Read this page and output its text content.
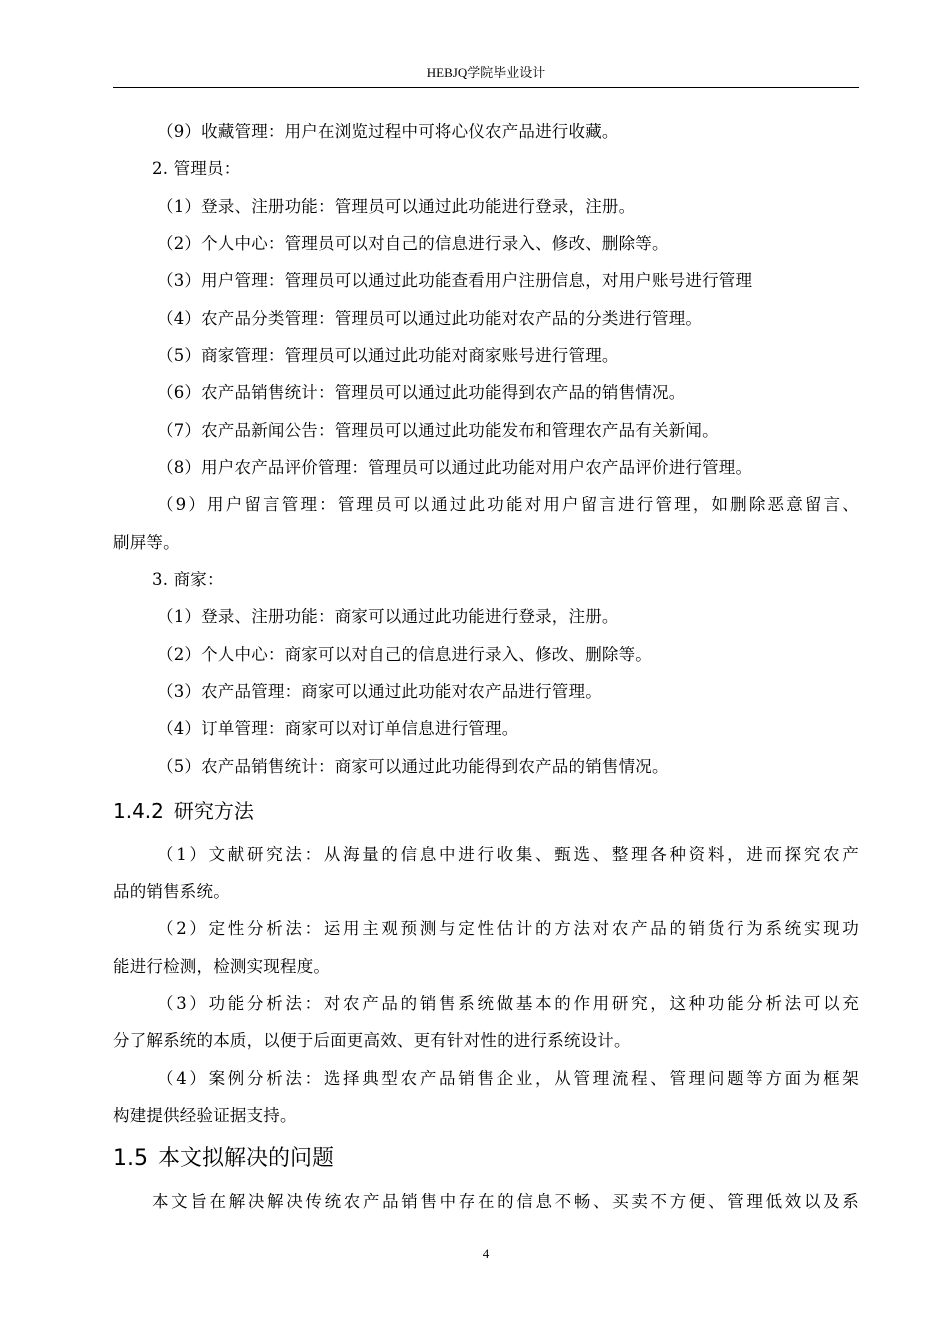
HEBJQ学院毕业设计
（9）收藏管理：用户在浏览过程中可将心仪农产品进行收藏。
2. 管理员：
（1）登录、注册功能：管理员可以通过此功能进行登录，注册。
（2）个人中心：管理员可以对自己的信息进行录入、修改、删除等。
（3）用户管理：管理员可以通过此功能查看用户注册信息，对用户账号进行管理
（4）农产品分类管理：管理员可以通过此功能对农产品的分类进行管理。
（5）商家管理：管理员可以通过此功能对商家账号进行管理。
（6）农产品销售统计：管理员可以通过此功能得到农产品的销售情况。
（7）农产品新闻公告：管理员可以通过此功能发布和管理农产品有关新闻。
（8）用户农产品评价管理：管理员可以通过此功能对用户农产品评价进行管理。
（9）用户留言管理：管理员可以通过此功能对用户留言进行管理，如删除恶意留言、
刷屏等。
3. 商家：
（1）登录、注册功能：商家可以通过此功能进行登录，注册。
（2）个人中心：商家可以对自己的信息进行录入、修改、删除等。
（3）农产品管理：商家可以通过此功能对农产品进行管理。
（4）订单管理：商家可以对订单信息进行管理。
（5）农产品销售统计：商家可以通过此功能得到农产品的销售情况。
1.4.2 研究方法
（1）文献研究法：从海量的信息中进行收集、甄选、整理各种资料，进而探究农产
品的销售系统。
（2）定性分析法：运用主观预测与定性估计的方法对农产品的销货行为系统实现功
能进行检测，检测实现程度。
（3）功能分析法：对农产品的销售系统做基本的作用研究，这种功能分析法可以充
分了解系统的本质，以便于后面更高效、更有针对性的进行系统设计。
（4）案例分析法：选择典型农产品销售企业，从管理流程、管理问题等方面为框架
构建提供经验证据支持。
1.5 本文拟解决的问题
本文旨在解决解决传统农产品销售中存在的信息不畅、买卖不方便、管理低效以及系
4
